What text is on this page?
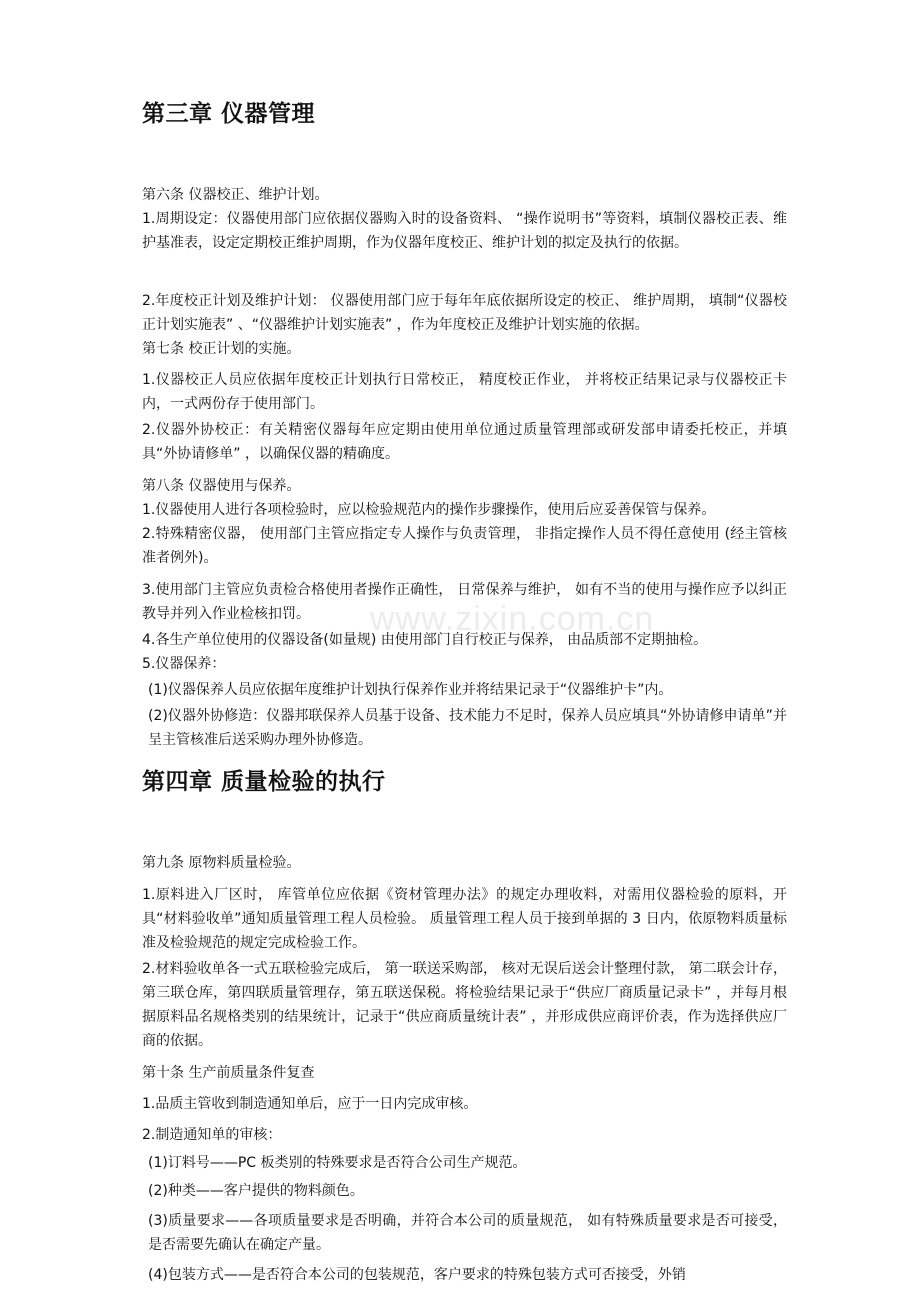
www.zixin.com.cn
第三章 仪器管理

第六条 仪器校正、维护计划。

1.周期设定：仪器使用部门应依据仪器购入时的设备资料、 “操作说明书”等资料，填制仪器校正表、维护基准表，设定定期校正维护周期，作为仪器年度校正、维护计划的拟定及执行的依据。

2.年度校正计划及维护计划： 仪器使用部门应于每年年底依据所设定的校正、 维护周期， 填制“仪器校正计划实施表” 、“仪器维护计划实施表” ，作为年度校正及维护计划实施的依据。

第七条 校正计划的实施。

1.仪器校正人员应依据年度校正计划执行日常校正， 精度校正作业， 并将校正结果记录与仪器校正卡内，一式两份存于使用部门。

2.仪器外协校正：有关精密仪器每年应定期由使用单位通过质量管理部或研发部申请委托校正，并填具“外协请修单” ，以确保仪器的精确度。

第八条 仪器使用与保养。

1.仪器使用人进行各项检验时，应以检验规范内的操作步骤操作，使用后应妥善保管与保养。

2.特殊精密仪器， 使用部门主管应指定专人操作与负责管理， 非指定操作人员不得任意使用 (经主管核准者例外)。

3.使用部门主管应负责检合格使用者操作正确性， 日常保养与维护， 如有不当的使用与操作应予以纠正教导并列入作业检核扣罚。

4.各生产单位使用的仪器设备(如量规) 由使用部门自行校正与保养， 由品质部不定期抽检。

5.仪器保养：

(1)仪器保养人员应依据年度维护计划执行保养作业并将结果记录于“仪器维护卡”内。

(2)仪器外协修造：仪器邦联保养人员基于设备、技术能力不足时，保养人员应填具“外协请修申请单”并呈主管核准后送采购办理外协修造。

第四章 质量检验的执行

第九条 原物料质量检验。

1.原料进入厂区时， 库管单位应依据《资材管理办法》的规定办理收料，对需用仪器检验的原料，开具“材料验收单”通知质量管理工程人员检验。 质量管理工程人员于接到单据的 3 日内，依原物料质量标准及检验规范的规定完成检验工作。

2.材料验收单各一式五联检验完成后， 第一联送采购部， 核对无误后送会计整理付款， 第二联会计存，第三联仓库，第四联质量管理存，第五联送保税。将检验结果记录于“供应厂商质量记录卡” ，并每月根据原料品名规格类别的结果统计，记录于“供应商质量统计表” ，并形成供应商评价表，作为选择供应厂商的依据。

第十条 生产前质量条件复查

1.品质主管收到制造通知单后，应于一日内完成审核。

2.制造通知单的审核：

(1)订料号——PC 板类别的特殊要求是否符合公司生产规范。

(2)种类——客户提供的物料颜色。

(3)质量要求——各项质量要求是否明确，并符合本公司的质量规范， 如有特殊质量要求是否可接受，是否需要先确认在确定产量。

(4)包装方式——是否符合本公司的包装规范，客户要求的特殊包装方式可否接受，外销
